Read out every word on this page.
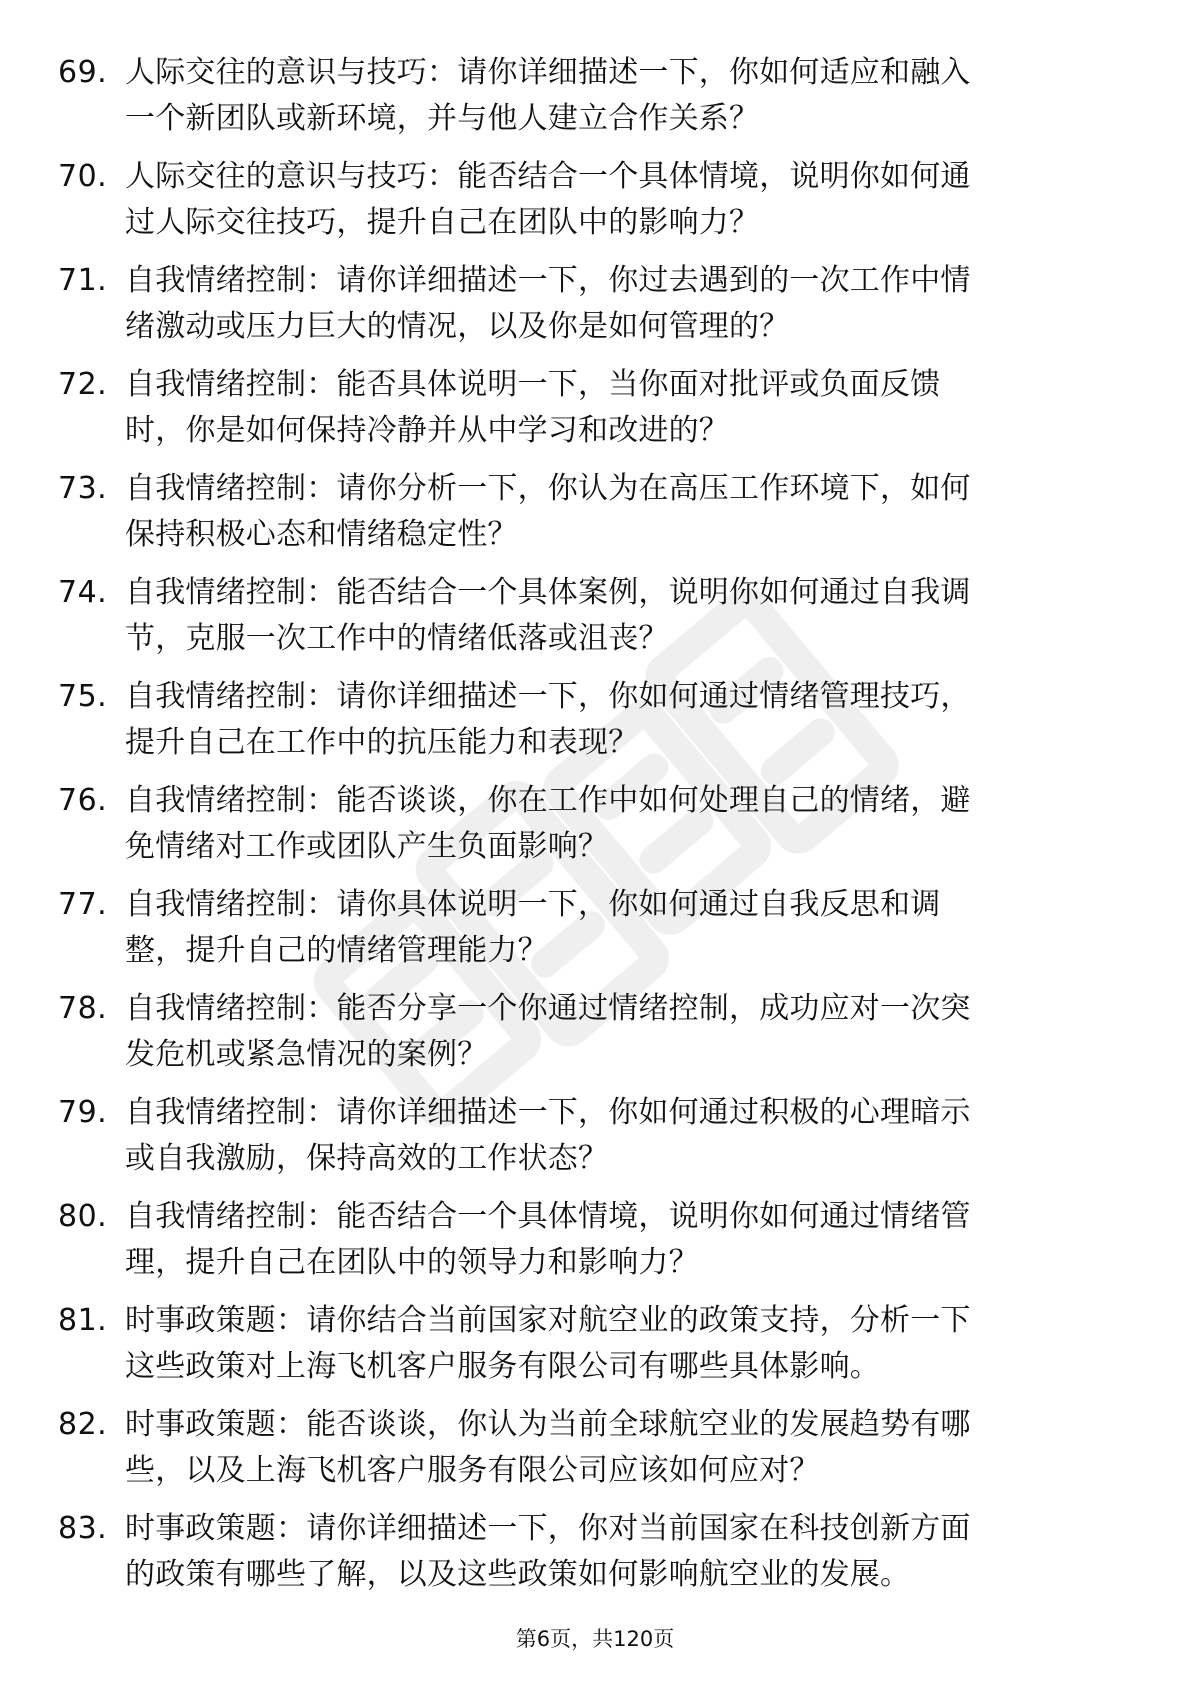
69. 人际交往的意识与技巧：请你详细描述一下，你如何适应和融入
一个新团队或新环境，并与他人建立合作关系？
70. 人际交往的意识与技巧：能否结合一个具体情境，说明你如何通
过人际交往技巧，提升自己在团队中的影响力？
71. 自我情绪控制：请你详细描述一下，你过去遇到的一次工作中情
绪激动或压力巨大的情况，以及你是如何管理的？
72. 自我情绪控制：能否具体说明一下，当你面对批评或负面反馈
时，你是如何保持冷静并从中学习和改进的？
73. 自我情绪控制：请你分析一下，你认为在高压工作环境下，如何
保持积极心态和情绪稳定性？
74. 自我情绪控制：能否结合一个具体案例，说明你如何通过自我调
节，克服一次工作中的情绪低落或沮丧？
75. 自我情绪控制：请你详细描述一下，你如何通过情绪管理技巧，
提升自己在工作中的抗压能力和表现？
76. 自我情绪控制：能否谈谈，你在工作中如何处理自己的情绪，避
免情绪对工作或团队产生负面影响？
77. 自我情绪控制：请你具体说明一下，你如何通过自我反思和调
整，提升自己的情绪管理能力？
78. 自我情绪控制：能否分享一个你通过情绪控制，成功应对一次突
发危机或紧急情况的案例？
79. 自我情绪控制：请你详细描述一下，你如何通过积极的心理暗示
或自我激励，保持高效的工作状态？
80. 自我情绪控制：能否结合一个具体情境，说明你如何通过情绪管
理，提升自己在团队中的领导力和影响力？
81. 时事政策题：请你结合当前国家对航空业的政策支持，分析一下
这些政策对上海飞机客户服务有限公司有哪些具体影响。
82. 时事政策题：能否谈谈，你认为当前全球航空业的发展趋势有哪
些，以及上海飞机客户服务有限公司应该如何应对？
83. 时事政策题：请你详细描述一下，你对当前国家在科技创新方面
的政策有哪些了解，以及这些政策如何影响航空业的发展。
第6页，共120页
